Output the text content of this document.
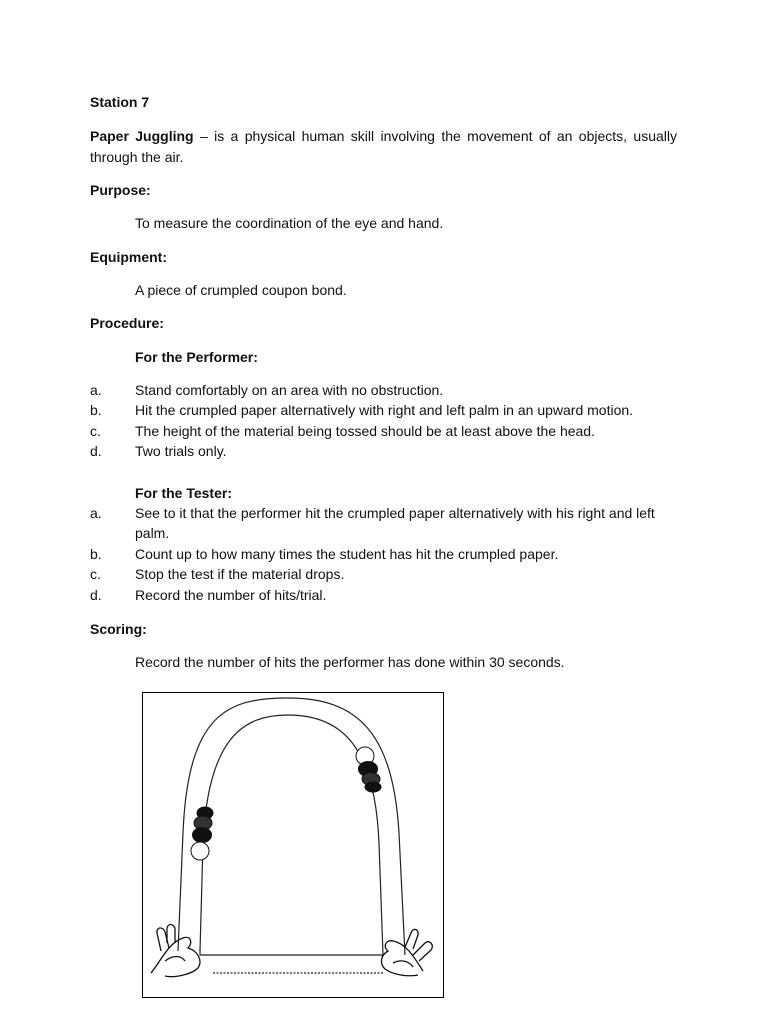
Station 7

Paper Juggling – is a physical human skill involving the movement of an objects, usually through the air.

Purpose:
To measure the coordination of the eye and hand.
Equipment:
A piece of crumpled coupon bond.
Procedure:
For the Performer:
a.	Stand comfortably on an area with no obstruction.
b.	Hit the crumpled paper alternatively with right and left palm in an upward motion.
c.	The height of the material being tossed should be at least above the head.
d.	Two trials only.
For the Tester:
a.	See to it that the performer hit the crumpled paper alternatively with his right and left palm.
b.	Count up to how many times the student has hit the crumpled paper.
c.	Stop the test if the material drops.
d.	Record the number of hits/trial.
Scoring:
Record the number of hits the performer has done within 30 seconds.
